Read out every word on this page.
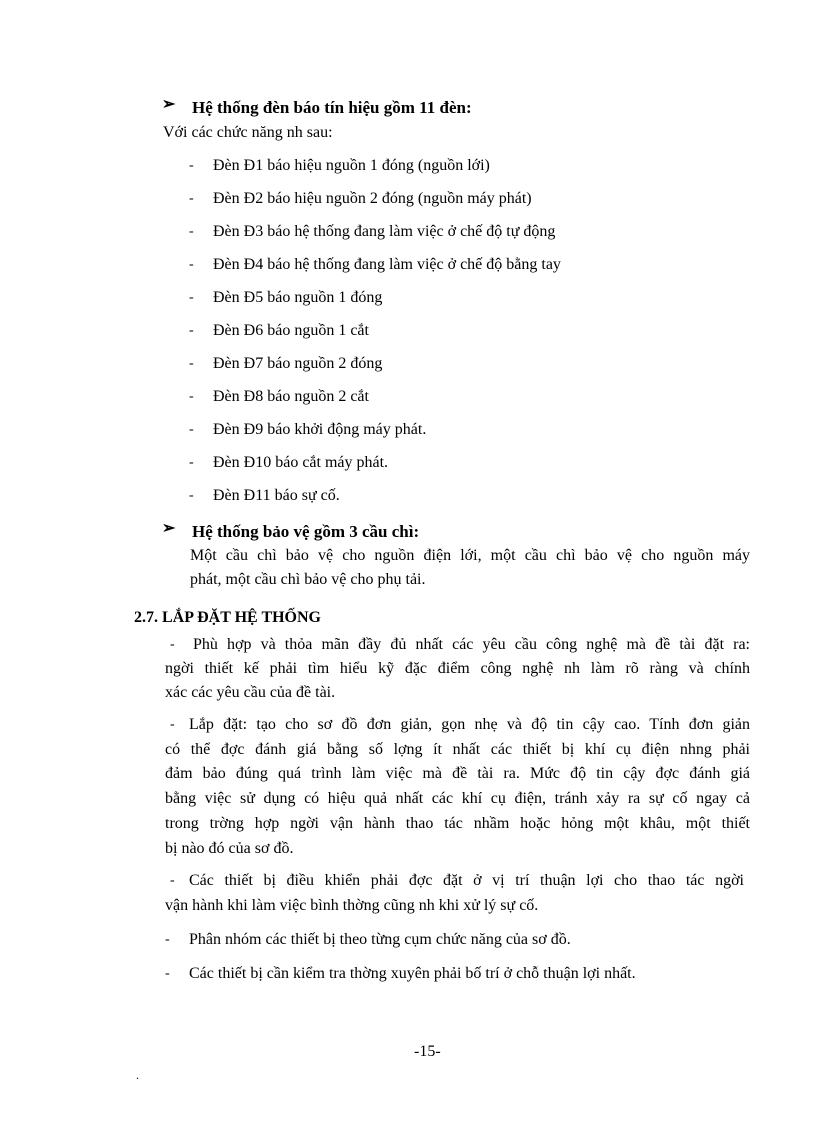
➢ Hệ thống đèn báo tín hiệu gồm 11 đèn:
Với các chức năng nh sau:
- Đèn Đ1 báo hiệu nguồn 1 đóng (nguồn lới)
- Đèn Đ2 báo hiệu nguồn 2 đóng (nguồn máy phát)
- Đèn Đ3 báo hệ thống đang làm việc ở chế độ tự động
- Đèn Đ4 báo hệ thống đang làm việc ở chế độ bằng tay
- Đèn Đ5 báo nguồn 1 đóng
- Đèn Đ6 báo nguồn 1 cắt
- Đèn Đ7 báo nguồn 2 đóng
- Đèn Đ8 báo nguồn 2 cắt
- Đèn Đ9 báo khởi động máy phát.
- Đèn Đ10 báo cắt máy phát.
- Đèn Đ11 báo sự cố.
➢ Hệ thống bảo vệ gồm 3 cầu chì:
Một cầu chì bảo vệ cho nguồn điện lới, một cầu chì bảo vệ cho nguồn máy
phát, một cầu chì bảo vệ cho phụ tải.
2.7. LẮP ĐẶT HỆ THỐNG
- Phù hợp và thỏa mãn đầy đủ nhất các yêu cầu công nghệ mà đề tài đặt ra:
ngời thiết kế phải tìm hiểu kỹ đặc điểm công nghệ nh làm rõ ràng và chính
xác các yêu cầu của đề tài.
- Lắp đặt: tạo cho sơ đồ đơn giản, gọn nhẹ và độ tin cậy cao. Tính đơn giản
có thể đợc đánh giá bằng số lợng ít nhất các thiết bị khí cụ điện nhng phải
đảm bảo đúng quá trình làm việc mà đề tài ra. Mức độ tin cậy đợc đánh giá
bằng việc sử dụng có hiệu quả nhất các khí cụ điện, tránh xảy ra sự cố ngay cả
trong trờng hợp ngời vận hành thao tác nhầm hoặc hỏng một khâu, một thiết
bị nào đó của sơ đồ.
- Các thiết bị điều khiển phải đợc đặt ở vị trí thuận lợi cho thao tác ngời
vận hành khi làm việc bình thờng cũng nh khi xử lý sự cố.
- Phân nhóm các thiết bị theo từng cụm chức năng của sơ đồ.
- Các thiết bị cần kiểm tra thờng xuyên phải bố trí ở chỗ thuận lợi nhất.
-15-
.
